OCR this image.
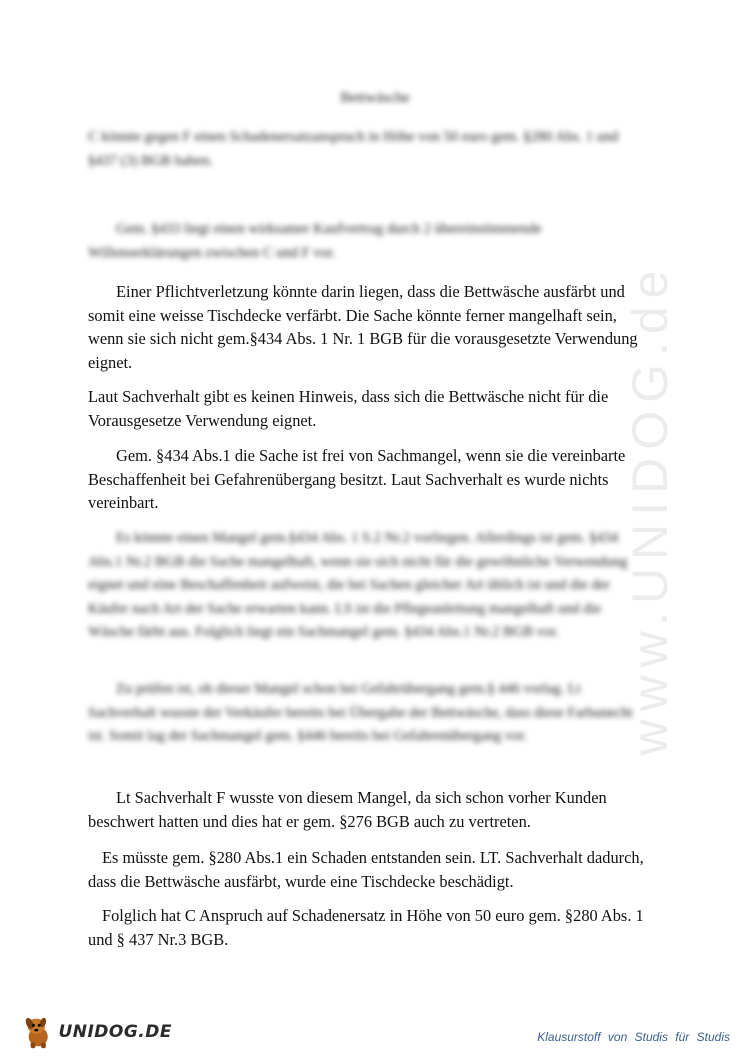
www.UNIDOG.de
Bettwäsche

C könnte gegen F einen Schadenersatzanspruch in Höhe von 50 euro gem. §280 Abs. 1 und §437 (3) BGB haben.

Gem. §433 liegt einen wirksamer Kaufvertrag durch 2 übereinstimmende Willenserklärungen zwischen C und F vor.

Einer Pflichtverletzung könnte darin liegen, dass die Bettwäsche ausfärbt und somit eine weisse Tischdecke verfärbt. Die Sache könnte ferner mangelhaft sein, wenn sie sich nicht gem.§434 Abs. 1 Nr. 1 BGB für die vorausgesetzte Verwendung eignet.

Laut Sachverhalt gibt es keinen Hinweis, dass sich die Bettwäsche nicht für die Vorausgesetze Verwendung eignet.

Gem. §434 Abs.1 die Sache ist frei von Sachmangel, wenn sie die vereinbarte Beschaffenheit bei Gefahrenübergang besitzt. Laut Sachverhalt es wurde nichts vereinbart.

Es könnte einen Mangel gem.§434 Abs. 1 S.2 Nr.2 vorliegen. Allerdings ist gem. §434 Abs.1 Nr.2 BGB die Sache mangelhaft, wenn sie sich nicht für die gewöhnliche Verwendung eignet und eine Beschaffenheit aufweist, die bei Sachen gleicher Art üblich ist und die der Käufer nach Art der Sache erwarten kann. LS ist die Pflegeanleitung mangelhaft und die Wäsche färbt aus. Folglich liegt ein Sachmangel gem. §434 Abs.1 Nr.2 BGB vor.

Zu prüfen ist, ob dieser Mangel schon bei Gefahrübergang gem.§ 446 vorlag. Lt Sachverhalt wusste der Verkäufer bereits bei Übergabe der Bettwäsche, dass diese Farbunecht ist. Somit lag der Sachmangel gem. §446 bereits bei Gefahrenübergang vor.

Lt Sachverhalt F wusste von diesem Mangel, da sich schon vorher Kunden beschwert hatten und dies hat er gem. §276 BGB auch zu vertreten.

Es müsste gem. §280 Abs.1 ein Schaden entstanden sein. LT. Sachverhalt dadurch, dass die Bettwäsche ausfärbt, wurde eine Tischdecke beschädigt.

Folglich hat C Anspruch auf Schadenersatz in Höhe von 50 euro gem. §280 Abs. 1 und § 437 Nr.3 BGB.

UNIDOG.DE	Klausurstoff von Studis für Studis
